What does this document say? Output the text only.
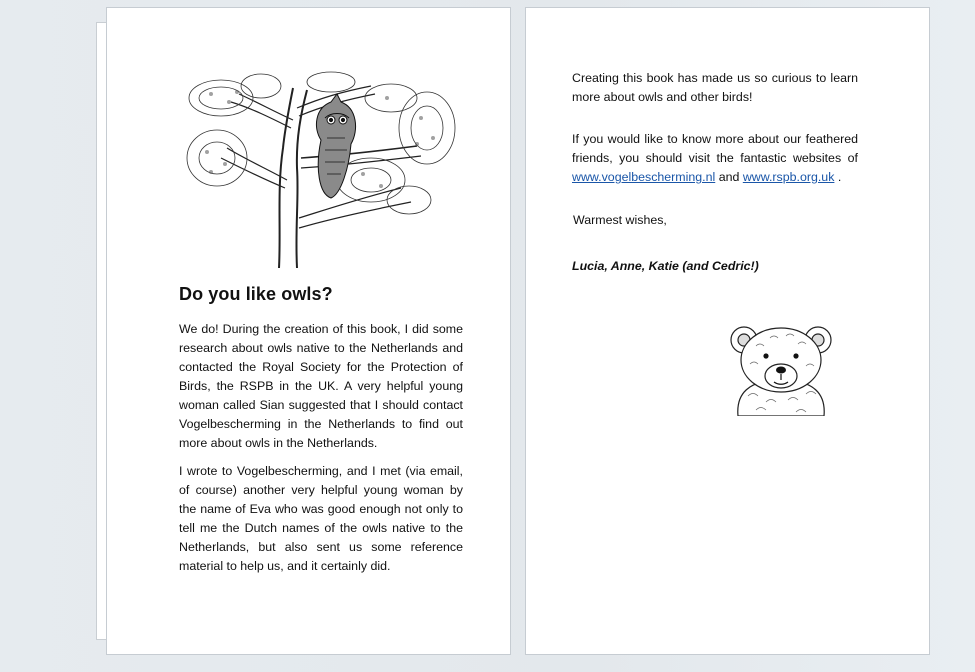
Do you like owls?

We do! During the creation of this book, I did some research about owls native to the Netherlands and contacted the Royal Society for the Protection of Birds, the RSPB in the UK. A very helpful young woman called Sian suggested that I should contact Vogelbescherming in the Netherlands to find out more about owls in the Netherlands.

I wrote to Vogelbescherming, and I met (via email, of course) another very helpful young woman by the name of Eva who was good enough not only to tell me the Dutch names of the owls native to the Netherlands, but also sent us some reference material to help us, and it certainly did.

Creating this book has made us so curious to learn more about owls and other birds!

If you would like to know more about our feathered friends, you should visit the fantastic websites of www.vogelbescherming.nl and www.rspb.org.uk .

Warmest wishes,

Lucia, Anne, Katie (and Cedric!)
